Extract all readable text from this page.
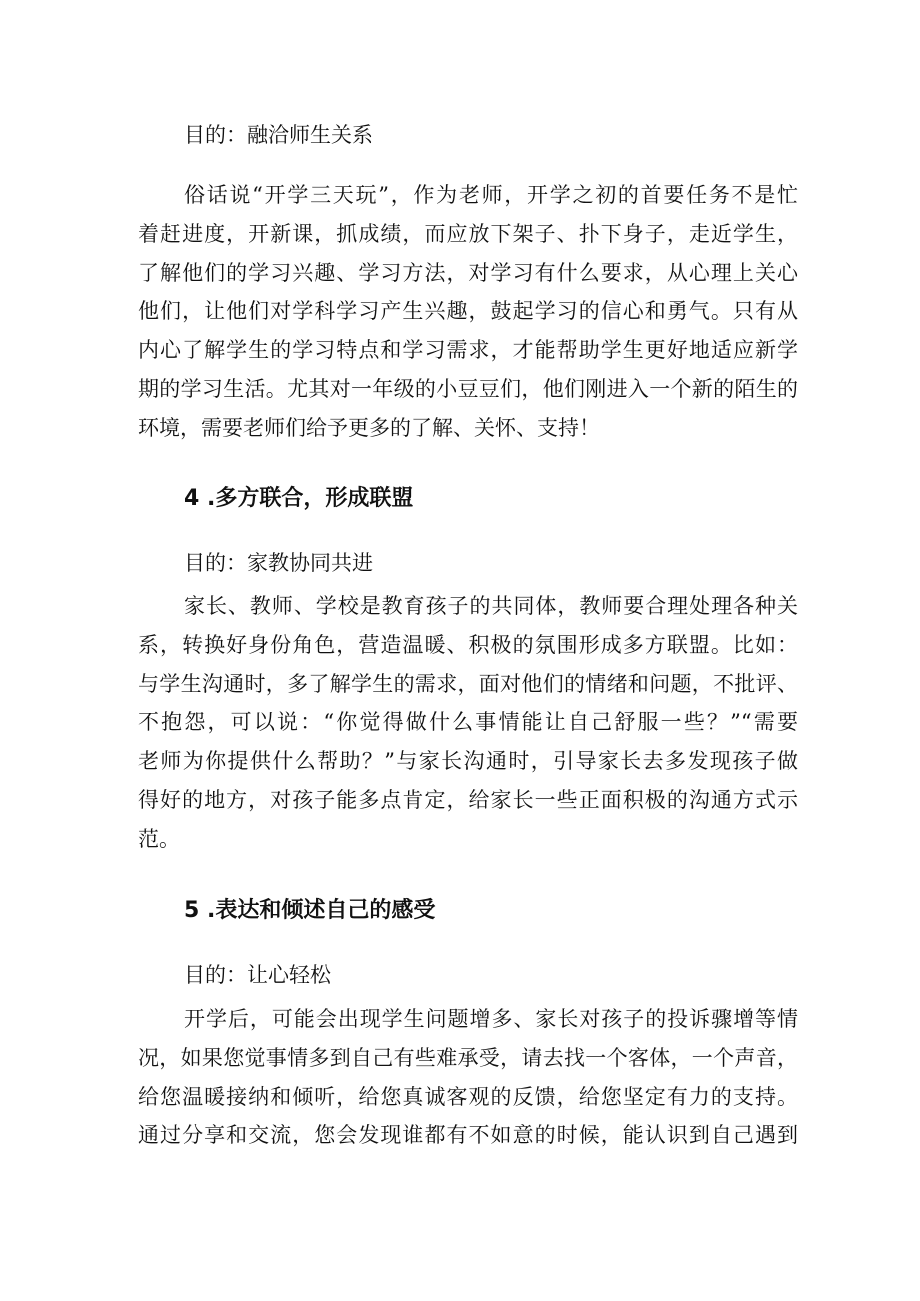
目的：融洽师生关系
俗话说“开学三天玩”，作为老师，开学之初的首要任务不是忙
着赶进度，开新课，抓成绩，而应放下架子、扑下身子，走近学生，
了解他们的学习兴趣、学习方法，对学习有什么要求，从心理上关心
他们，让他们对学科学习产生兴趣，鼓起学习的信心和勇气。只有从
内心了解学生的学习特点和学习需求，才能帮助学生更好地适应新学
期的学习生活。尤其对一年级的小豆豆们，他们刚进入一个新的陌生的
环境，需要老师们给予更多的了解、关怀、支持！
4 .多方联合，形成联盟
目的：家教协同共进
家长、教师、学校是教育孩子的共同体，教师要合理处理各种关
系，转换好身份角色，营造温暖、积极的氛围形成多方联盟。比如：
与学生沟通时，多了解学生的需求，面对他们的情绪和问题，不批评、
不抱怨，可以说：“你觉得做什么事情能让自己舒服一些？”“需要
老师为你提供什么帮助？”与家长沟通时，引导家长去多发现孩子做
得好的地方，对孩子能多点肯定，给家长一些正面积极的沟通方式示
范。
5 .表达和倾述自己的感受
目的：让心轻松
开学后，可能会出现学生问题增多、家长对孩子的投诉骤增等情
况，如果您觉事情多到自己有些难承受，请去找一个客体，一个声音，
给您温暖接纳和倾听，给您真诚客观的反馈，给您坚定有力的支持。
通过分享和交流，您会发现谁都有不如意的时候，能认识到自己遇到
